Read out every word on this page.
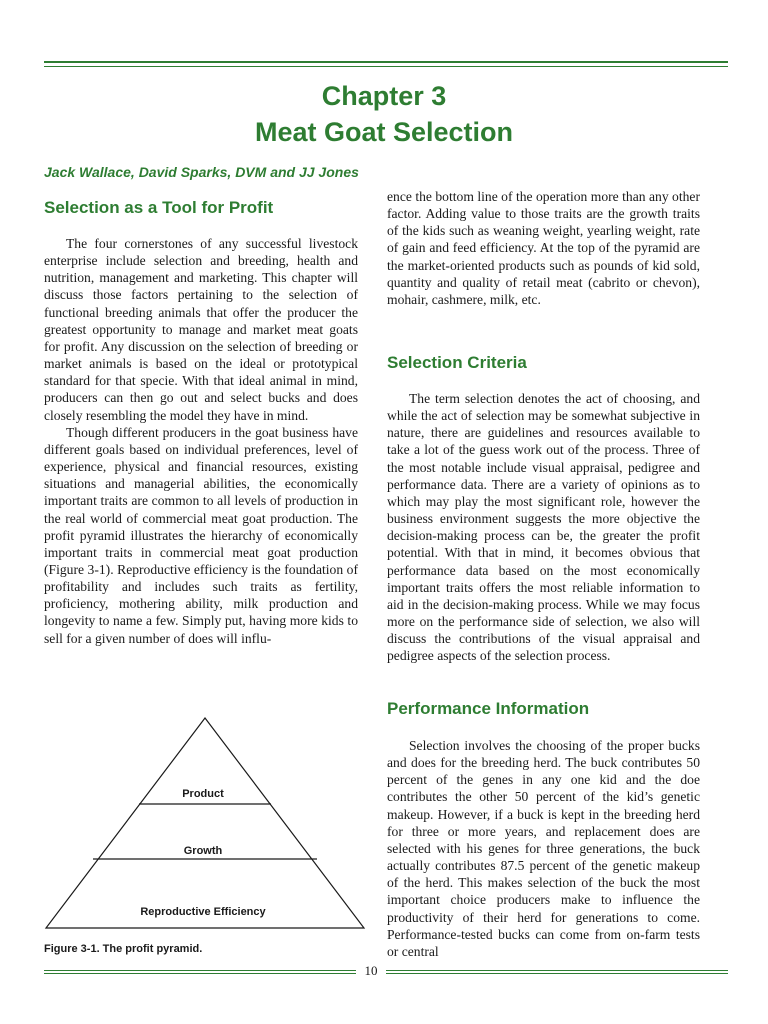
Chapter 3
Meat Goat Selection
Jack Wallace, David Sparks, DVM and JJ Jones
Selection as a Tool for Profit

The four cornerstones of any successful livestock enterprise include selection and breeding, health and nutrition, management and marketing. This chapter will discuss those factors pertaining to the selection of functional breeding animals that offer the producer the greatest opportunity to manage and market meat goats for profit. Any discussion on the selection of breeding or market animals is based on the ideal or prototypical standard for that specie. With that ideal animal in mind, producers can then go out and select bucks and does closely resembling the model they have in mind.

Though different producers in the goat business have different goals based on individual preferences, level of experience, physical and financial resources, existing situations and managerial abilities, the economically important traits are common to all levels of production in the real world of commercial meat goat production. The profit pyramid illustrates the hierarchy of economically important traits in commercial meat goat production (Figure 3-1). Reproductive efficiency is the foundation of profitability and includes such traits as fertility, proficiency, mothering ability, milk production and longevity to name a few. Simply put, having more kids to sell for a given number of does will influ-

Product
Growth
Reproductive Efficiency
Figure 3-1. The profit pyramid.

ence the bottom line of the operation more than any other factor. Adding value to those traits are the growth traits of the kids such as weaning weight, yearling weight, rate of gain and feed efficiency. At the top of the pyramid are the market-oriented products such as pounds of kid sold, quantity and quality of retail meat (cabrito or chevon), mohair, cashmere, milk, etc.

Selection Criteria

The term selection denotes the act of choosing, and while the act of selection may be somewhat subjective in nature, there are guidelines and resources available to take a lot of the guess work out of the process. Three of the most notable include visual appraisal, pedigree and performance data. There are a variety of opinions as to which may play the most significant role, however the business environment suggests the more objective the decision-making process can be, the greater the profit potential. With that in mind, it becomes obvious that performance data based on the most economically important traits offers the most reliable information to aid in the decision-making process. While we may focus more on the performance side of selection, we also will discuss the contributions of the visual appraisal and pedigree aspects of the selection process.

Performance Information

Selection involves the choosing of the proper bucks and does for the breeding herd. The buck contributes 50 percent of the genes in any one kid and the doe contributes the other 50 percent of the kid’s genetic makeup. However, if a buck is kept in the breeding herd for three or more years, and replacement does are selected with his genes for three generations, the buck actually contributes 87.5 percent of the genetic makeup of the herd. This makes selection of the buck the most important choice producers make to influence the productivity of their herd for generations to come. Performance-tested bucks can come from on-farm tests or central

10
